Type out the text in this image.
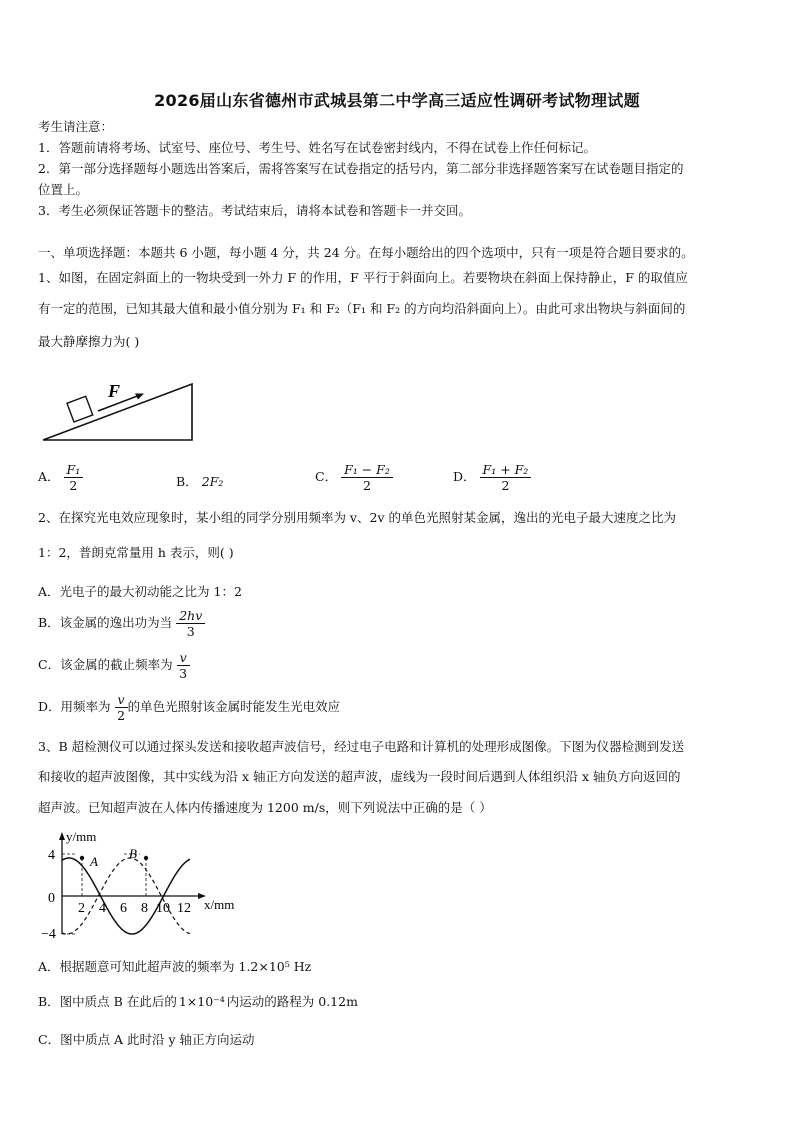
2026届山东省德州市武城县第二中学高三适应性调研考试物理试题
考生请注意：
1．答题前请将考场、试室号、座位号、考生号、姓名写在试卷密封线内，不得在试卷上作任何标记。
2．第一部分选择题每小题选出答案后，需将答案写在试卷指定的括号内，第二部分非选择题答案写在试卷题目指定的
位置上。
3．考生必须保证答题卡的整洁。考试结束后，请将本试卷和答题卡一并交回。
一、单项选择题：本题共 6 小题，每小题 4 分，共 24 分。在每小题给出的四个选项中，只有一项是符合题目要求的。
1、如图，在固定斜面上的一物块受到一外力 F 的作用，F 平行于斜面向上。若要物块在斜面上保持静止，F 的取值应
有一定的范围，已知其最大值和最小值分别为 F₁ 和 F₂（F₁ 和 F₂ 的方向均沿斜面向上）。由此可求出物块与斜面间的
最大静摩擦力为( )
F
A． $\frac{\text{F₁}}{2}$	B． 2F₂	C． $\frac{\text{F₁ − F₂}}{2}$	D． $\frac{\text{F₁ + F₂}}{2}$
2、在探究光电效应现象时，某小组的同学分别用频率为 v、2v 的单色光照射某金属，逸出的光电子最大速度之比为
1：2，普朗克常量用 h 表示，则( )
A．光电子的最大初动能之比为 1：2
B．该金属的逸出功为当 $\frac{2hv}{3}$
C．该金属的截止频率为 $\frac{v}{3}$
D．用频率为 $\frac{v}{2}$ 的单色光照射该金属时能发生光电效应
3、B 超检测仪可以通过探头发送和接收超声波信号，经过电子电路和计算机的处理形成图像。下图为仪器检测到发送
和接收的超声波图像，其中实线为沿 x 轴正方向发送的超声波，虚线为一段时间后遇到人体组织沿 x 轴负方向返回的
超声波。已知超声波在人体内传播速度为 1200 m/s，则下列说法中正确的是（ ）
y/mm
x/mm
4
0
−4
2 4 6 8 10 12
A
B
A．根据题意可知此超声波的频率为 1.2×10⁵ Hz
B．图中质点 B 在此后的 1×10⁻⁴ 内运动的路程为 0.12m
C．图中质点 A 此时沿 y 轴正方向运动
